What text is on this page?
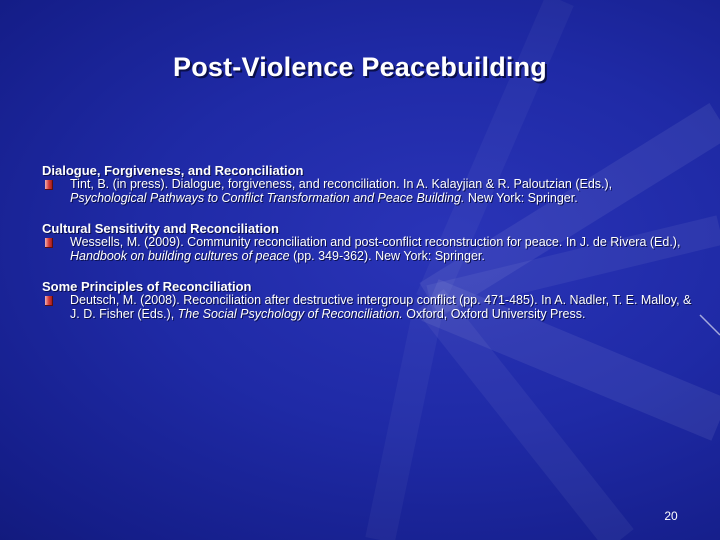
Post-Violence Peacebuilding
Dialogue, Forgiveness, and Reconciliation
Tint, B. (in press). Dialogue, forgiveness, and reconciliation. In A. Kalayjian & R. Paloutzian (Eds.), Psychological Pathways to Conflict Transformation and Peace Building. New York: Springer.
Cultural Sensitivity and Reconciliation
Wessells, M. (2009). Community reconciliation and post-conflict reconstruction for peace. In J. de Rivera (Ed.), Handbook on building cultures of peace (pp. 349-362). New York: Springer.
Some Principles of Reconciliation
Deutsch, M. (2008). Reconciliation after destructive intergroup conflict (pp. 471-485). In A. Nadler, T. E. Malloy, & J. D. Fisher (Eds.), The Social Psychology of Reconciliation. Oxford, Oxford University Press.
20
